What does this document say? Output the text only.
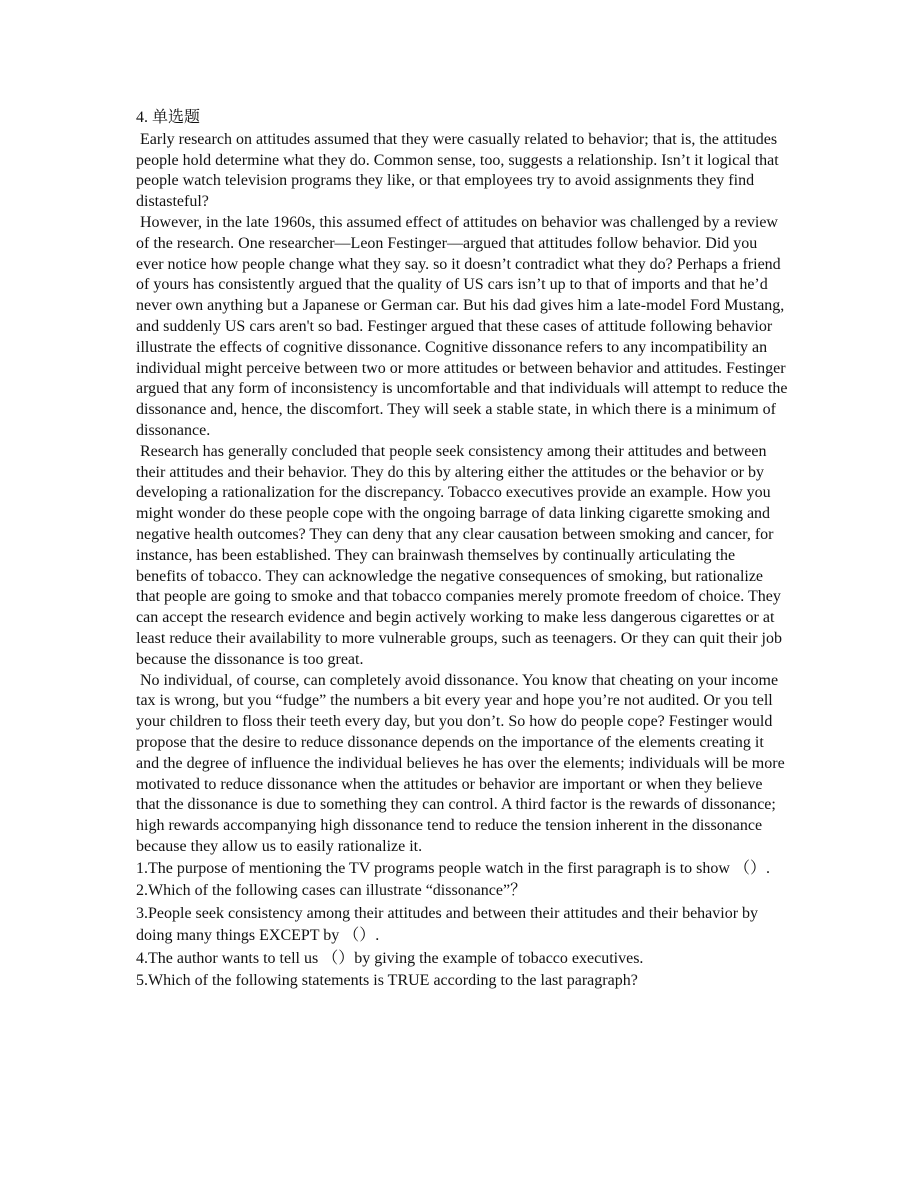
4. 单选题

Early research on attitudes assumed that they were casually related to behavior; that is, the attitudes people hold determine what they do. Common sense, too, suggests a relationship. Isn’t it logical that people watch television programs they like, or that employees try to avoid assignments they find distasteful?

However, in the late 1960s, this assumed effect of attitudes on behavior was challenged by a review of the research. One researcher—Leon Festinger—argued that attitudes follow behavior. Did you ever notice how people change what they say. so it doesn’t contradict what they do? Perhaps a friend of yours has consistently argued that the quality of US cars isn’t up to that of imports and that he’d never own anything but a Japanese or German car. But his dad gives him a late-model Ford Mustang, and suddenly US cars aren't so bad. Festinger argued that these cases of attitude following behavior illustrate the effects of cognitive dissonance. Cognitive dissonance refers to any incompatibility an individual might perceive between two or more attitudes or between behavior and attitudes. Festinger argued that any form of inconsistency is uncomfortable and that individuals will attempt to reduce the dissonance and, hence, the discomfort. They will seek a stable state, in which there is a minimum of dissonance.

Research has generally concluded that people seek consistency among their attitudes and between their attitudes and their behavior. They do this by altering either the attitudes or the behavior or by developing a rationalization for the discrepancy. Tobacco executives provide an example. How you might wonder do these people cope with the ongoing barrage of data linking cigarette smoking and negative health outcomes? They can deny that any clear causation between smoking and cancer, for instance, has been established. They can brainwash themselves by continually articulating the benefits of tobacco. They can acknowledge the negative consequences of smoking, but rationalize that people are going to smoke and that tobacco companies merely promote freedom of choice. They can accept the research evidence and begin actively working to make less dangerous cigarettes or at least reduce their availability to more vulnerable groups, such as teenagers. Or they can quit their job because the dissonance is too great.

No individual, of course, can completely avoid dissonance. You know that cheating on your income tax is wrong, but you “fudge” the numbers a bit every year and hope you’re not audited. Or you tell your children to floss their teeth every day, but you don’t. So how do people cope? Festinger would propose that the desire to reduce dissonance depends on the importance of the elements creating it and the degree of influence the individual believes he has over the elements; individuals will be more motivated to reduce dissonance when the attitudes or behavior are important or when they believe that the dissonance is due to something they can control. A third factor is the rewards of dissonance; high rewards accompanying high dissonance tend to reduce the tension inherent in the dissonance because they allow us to easily rationalize it.

1.The purpose of mentioning the TV programs people watch in the first paragraph is to show （）.
2.Which of the following cases can illustrate “dissonance”？
3.People seek consistency among their attitudes and between their attitudes and their behavior by doing many things EXCEPT by （）.
4.The author wants to tell us （）by giving the example of tobacco executives.
5.Which of the following statements is TRUE according to the last paragraph?
